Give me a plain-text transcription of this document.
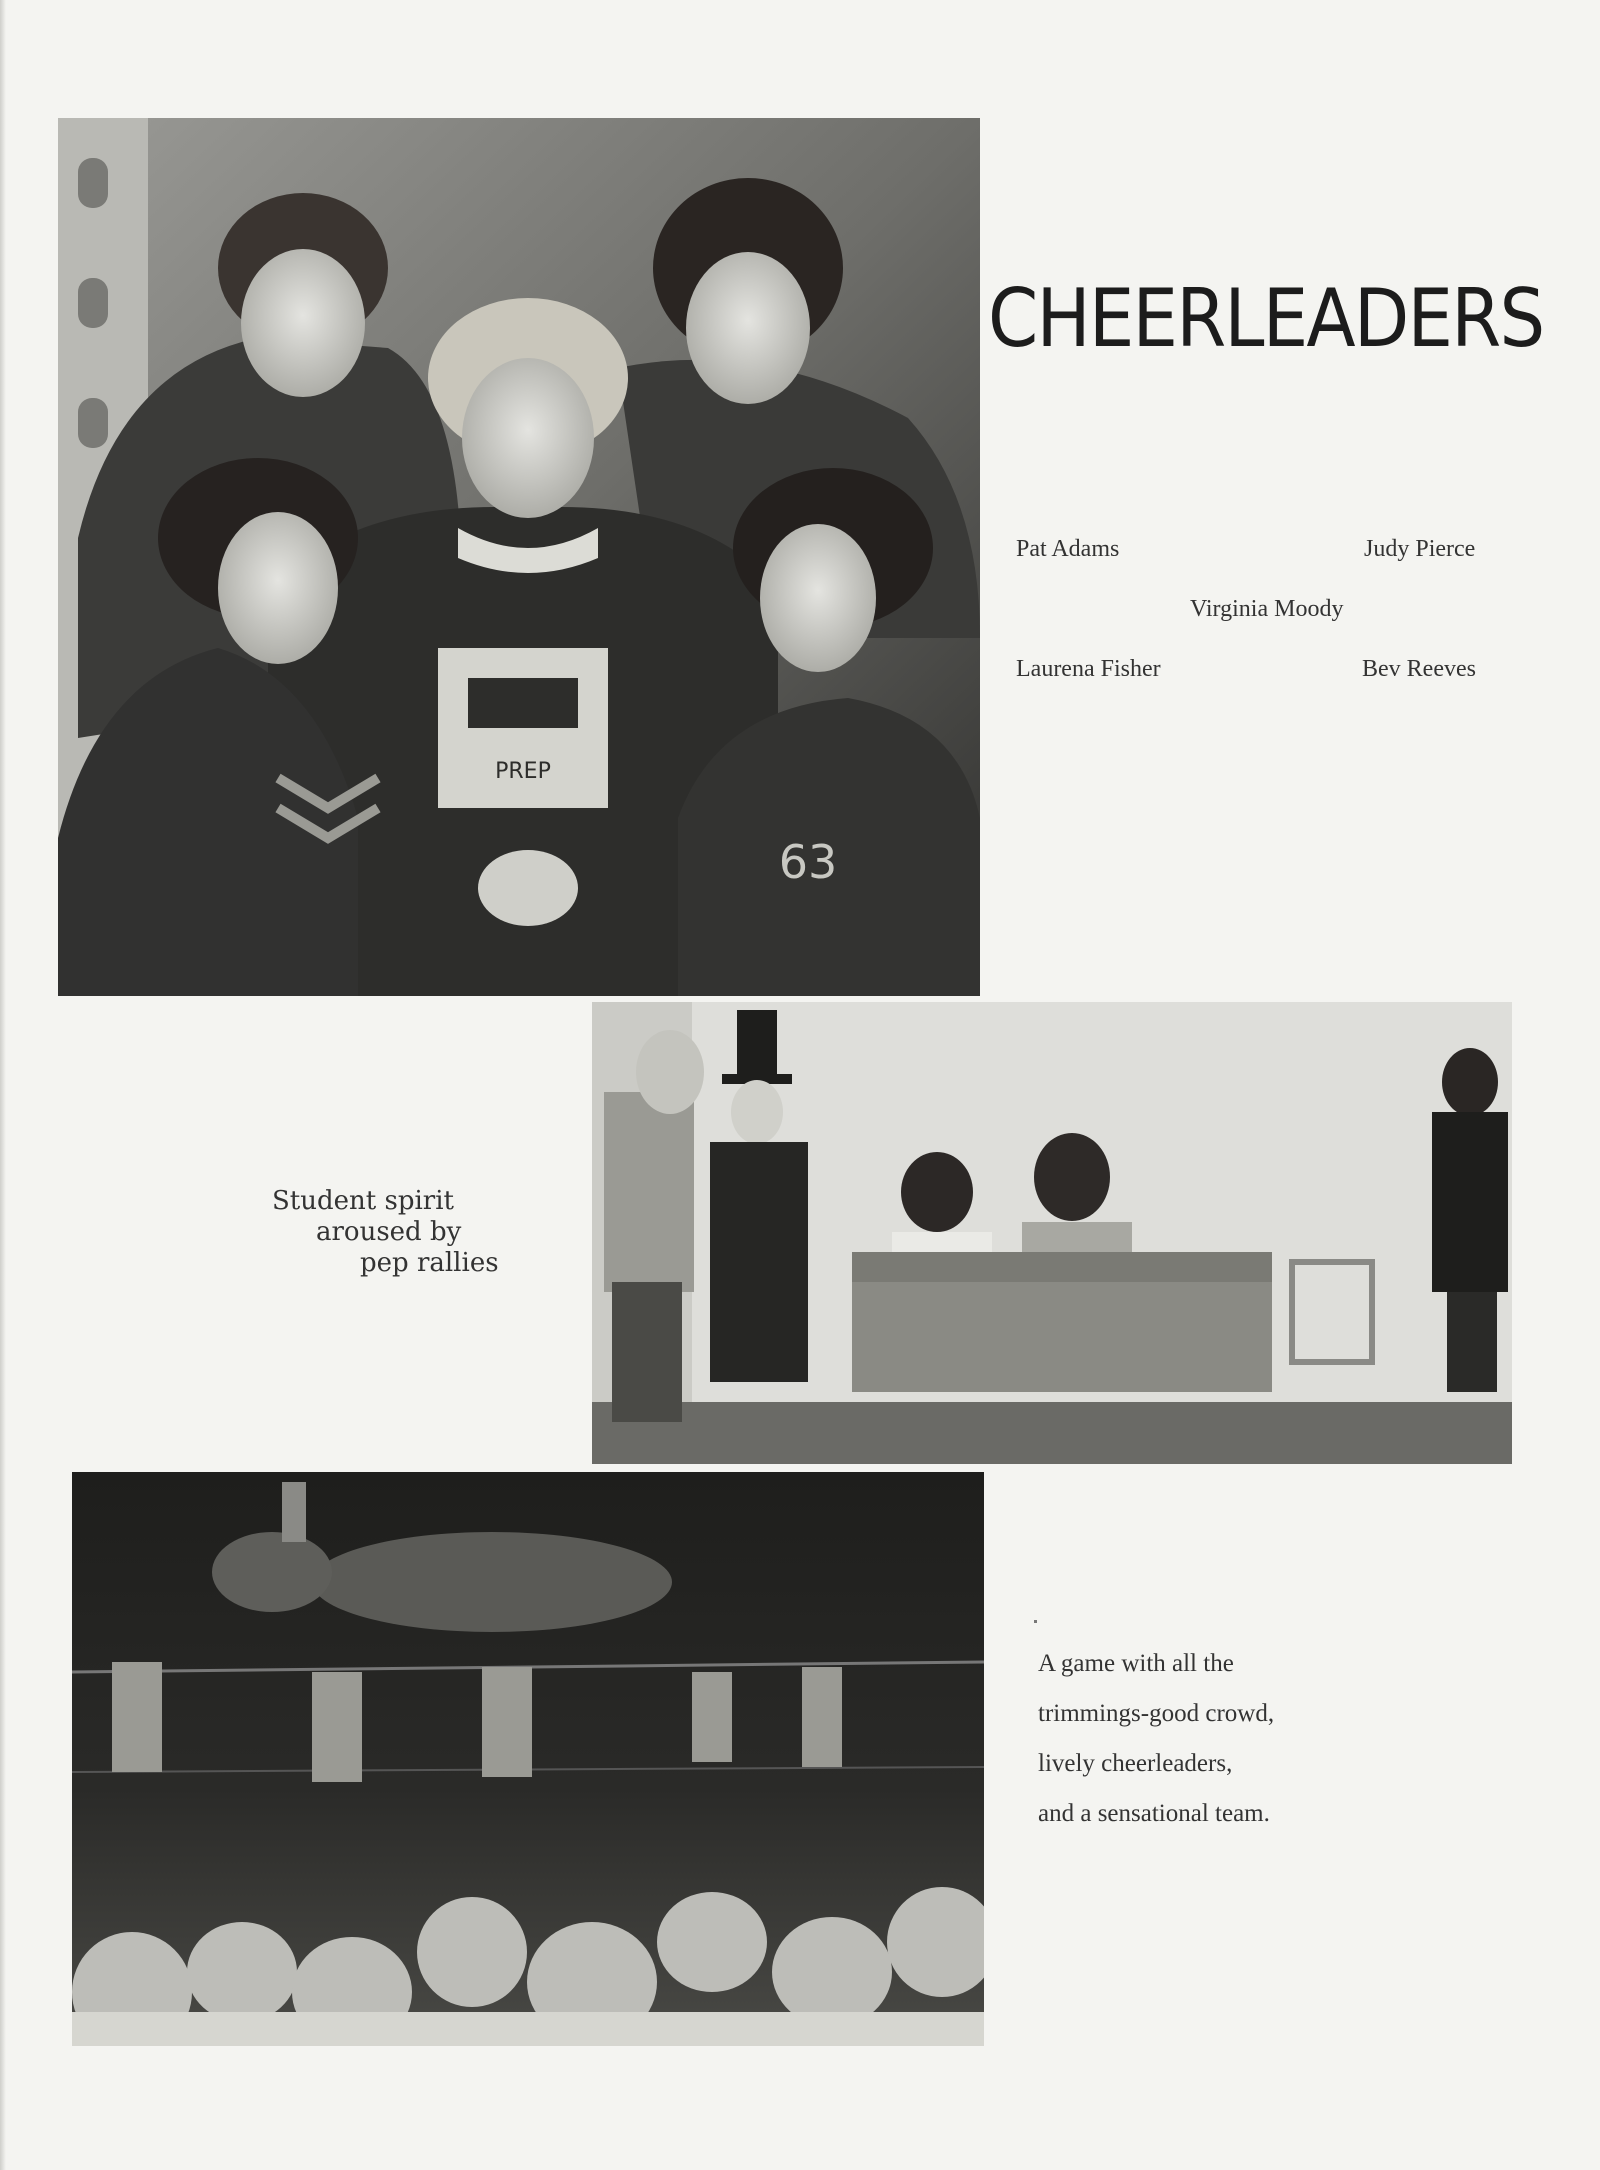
PREP
63
CHEERLEADERS
Pat Adams	Judy Pierce
Virginia Moody
Laurena Fisher	Bev Reeves
Student spirit
aroused by
pep rallies
A game with all the
trimmings-good crowd,
lively cheerleaders,
and a sensational team.
